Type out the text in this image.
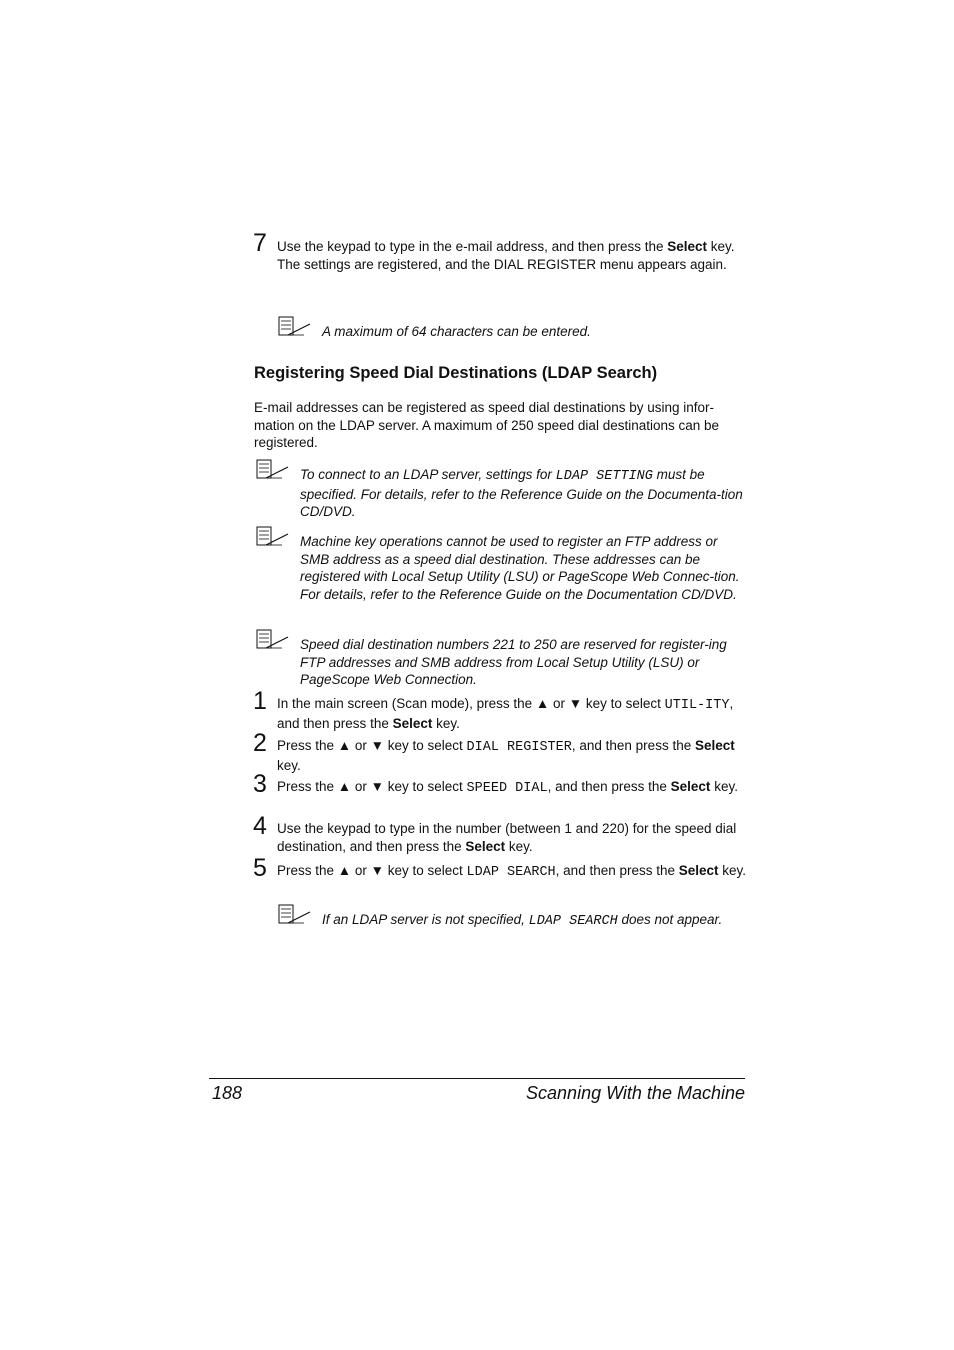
7 Use the keypad to type in the e-mail address, and then press the Select key.
The settings are registered, and the DIAL REGISTER menu appears again.
A maximum of 64 characters can be entered.
Registering Speed Dial Destinations (LDAP Search)
E-mail addresses can be registered as speed dial destinations by using infor-mation on the LDAP server. A maximum of 250 speed dial destinations can be registered.
To connect to an LDAP server, settings for LDAP SETTING must be specified. For details, refer to the Reference Guide on the Documenta-tion CD/DVD.
Machine key operations cannot be used to register an FTP address or SMB address as a speed dial destination. These addresses can be registered with Local Setup Utility (LSU) or PageScope Web Connec-tion. For details, refer to the Reference Guide on the Documentation CD/DVD.
Speed dial destination numbers 221 to 250 are reserved for register-ing FTP addresses and SMB address from Local Setup Utility (LSU) or PageScope Web Connection.
1 In the main screen (Scan mode), press the ▲ or ▼ key to select UTIL-ITY, and then press the Select key.
2 Press the ▲ or ▼ key to select DIAL REGISTER, and then press the Select key.
3 Press the ▲ or ▼ key to select SPEED DIAL, and then press the Select key.
4 Use the keypad to type in the number (between 1 and 220) for the speed dial destination, and then press the Select key.
5 Press the ▲ or ▼ key to select LDAP SEARCH, and then press the Select key.
If an LDAP server is not specified, LDAP SEARCH does not appear.
188	Scanning With the Machine
